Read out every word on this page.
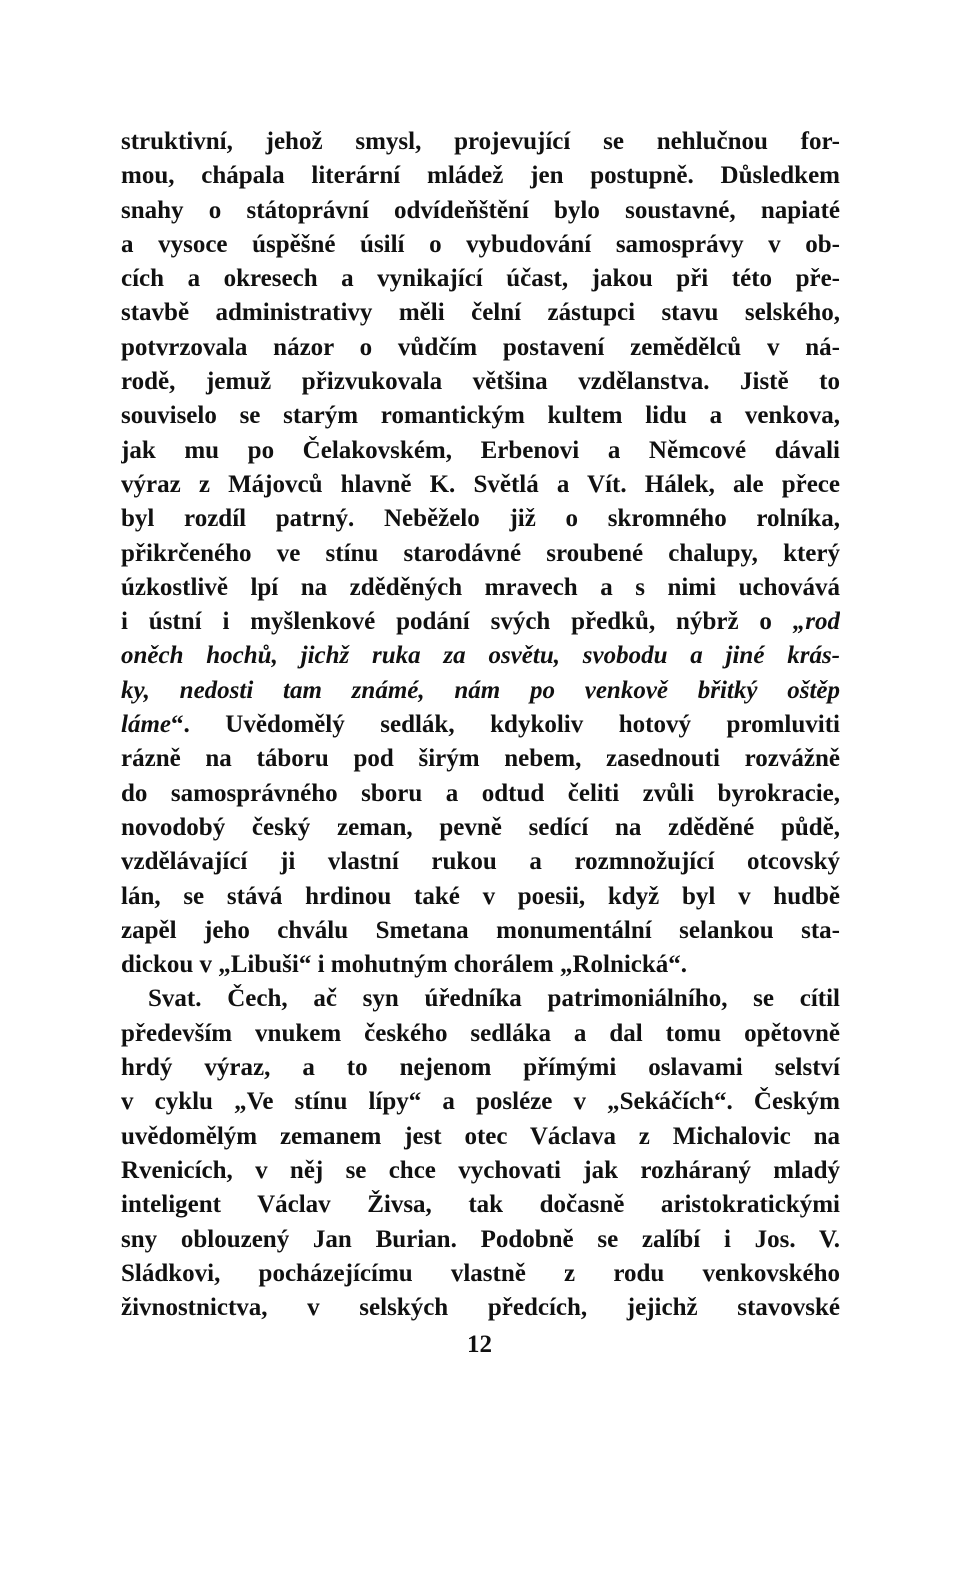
struktivní, jehož smysl, projevující se nehlučnou for-
mou, chápala literární mládež jen postupně. Důsledkem
snahy o státoprávní odvídeňštění bylo soustavné, napiaté
a vysoce úspěšné úsilí o vybudování samosprávy v ob-
cích a okresech a vynikající účast, jakou při této pře-
stavbě administrativy měli čelní zástupci stavu selského,
potvrzovala názor o vůdčím postavení zemědělců v ná-
rodě, jemuž přizvukovala většina vzdělanstva. Jistě to
souviselo se starým romantickým kultem lidu a venkova,
jak mu po Čelakovském, Erbenovi a Němcové dávali
výraz z Májovců hlavně K. Světlá a Vít. Hálek, ale přece
byl rozdíl patrný. Neběželo již o skromného rolníka,
přikrčeného ve stínu starodávné sroubené chalupy, který
úzkostlivě lpí na zděděných mravech a s nimi uchovává
i ústní i myšlenkové podání svých předků, nýbrž o „rod
oněch hochů, jichž ruka za osvětu, svobodu a jiné krás-
ky, nedosti tam známé, nám po venkově břitký oštěp
láme“. Uvědomělý sedlák, kdykoliv hotový promluviti
rázně na táboru pod širým nebem, zasednouti rozvážně
do samosprávného sboru a odtud čeliti zvůli byrokracie,
novodobý český zeman, pevně sedící na zděděné půdě,
vzdělávající ji vlastní rukou a rozmnožující otcovský
lán, se stává hrdinou také v poesii, když byl v hudbě
zapěl jeho chválu Smetana monumentální selankou sta-
dickou v „Libuši“ i mohutným chorálem „Rolnická“.
Svat. Čech, ač syn úředníka patrimoniálního, se cítil
především vnukem českého sedláka a dal tomu opětovně
hrdý výraz, a to nejenom přímými oslavami selství
v cyklu „Ve stínu lípy“ a posléze v „Sekáčích“. Českým
uvědomělým zemanem jest otec Václava z Michalovic na
Rvenicích, v něj se chce vychovati jak rozháraný mladý
inteligent Václav Živsa, tak dočasně aristokratickými
sny oblouzený Jan Burian. Podobně se zalíbí i Jos. V.
Sládkovi, pocházejícímu vlastně z rodu venkovského
živnostnictva, v selských předcích, jejichž stavovské
12
